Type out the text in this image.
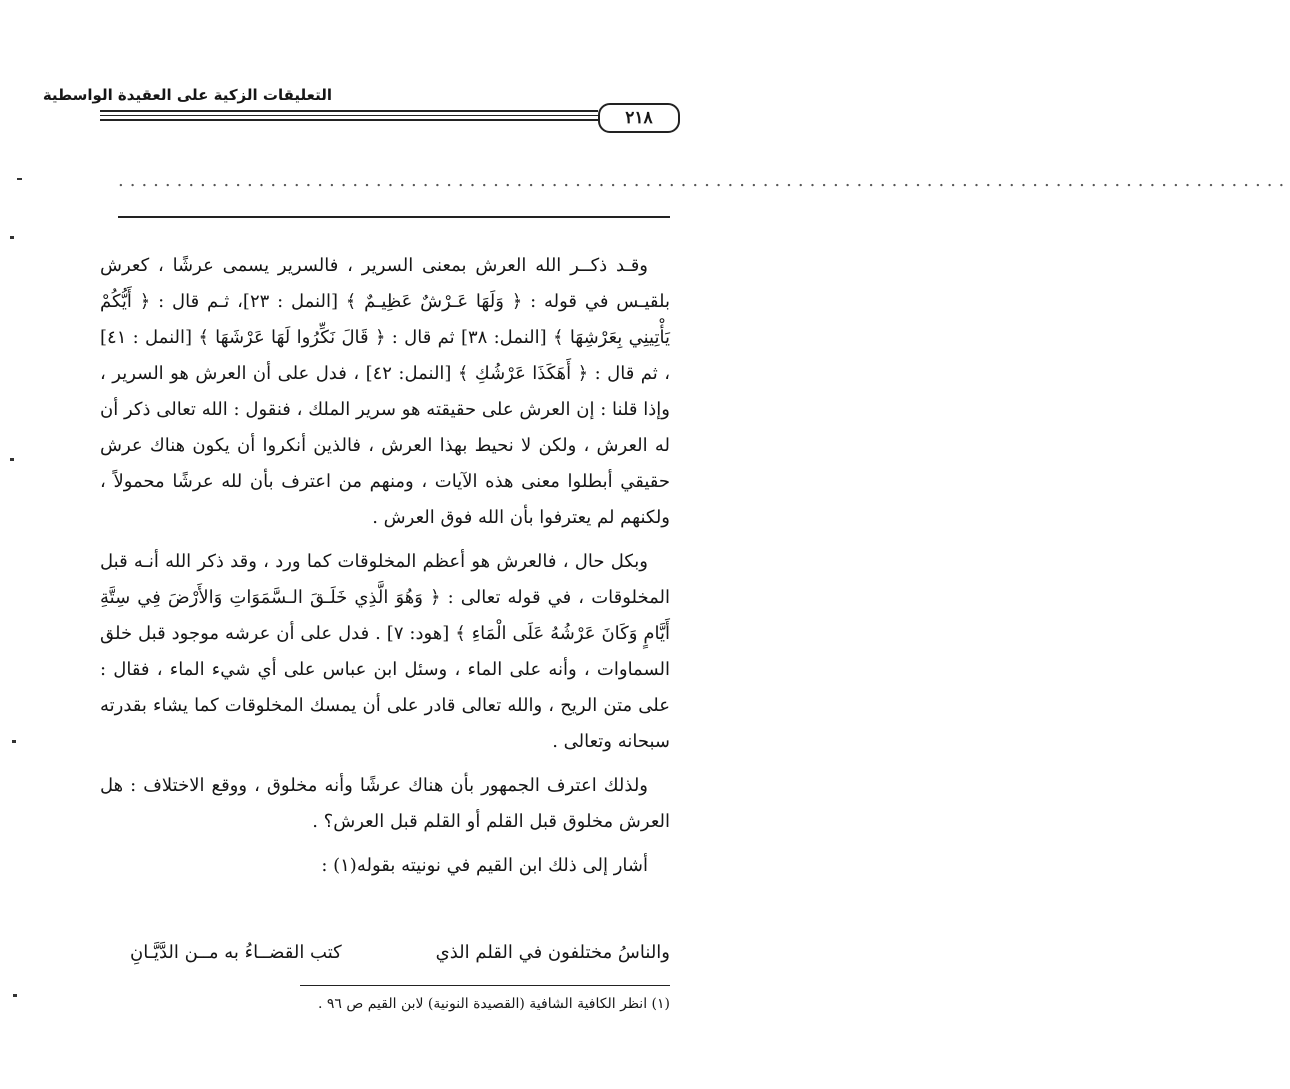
التعليقات الزكية على العقيدة الواسطية
٢١٨
....................................................................................................

وقـد ذكــر الله العرش بمعنى السرير ، فالسرير يسمى عرشًا ، كعرش بلقيـس في قوله : ﴿ وَلَهَا عَـرْشٌ عَظِيـمٌ ﴾ [النمل : ٢٣]، ثـم قال : ﴿ أَيُّكُمْ يَأْتِينِي بِعَرْشِهَا ﴾ [النمل: ٣٨] ثم قال : ﴿ قَالَ نَكِّرُوا لَهَا عَرْشَهَا ﴾ [النمل : ٤١] ، ثم قال : ﴿ أَهَكَذَا عَرْشُكِ ﴾ [النمل: ٤٢] ، فدل على أن العرش هو السرير ، وإذا قلنا : إن العرش على حقيقته هو سرير الملك ، فنقول : الله تعالى ذكر أن له العرش ، ولكن لا نحيط بهذا العرش ، فالذين أنكروا أن يكون هناك عرش حقيقي أبطلوا معنى هذه الآيات ، ومنهم من اعترف بأن لله عرشًا محمولاً ، ولكنهم لم يعترفوا بأن الله فوق العرش .

وبكل حال ، فالعرش هو أعظم المخلوقات كما ورد ، وقد ذكر الله أنـه قبل المخلوقات ، في قوله تعالى : ﴿ وَهُوَ الَّذِي خَلَـقَ الـسَّمَوَاتِ وَالأَرْضَ فِي سِتَّةِ أَيَّامٍ وَكَانَ عَرْشُهُ عَلَى الْمَاءِ ﴾ [هود: ٧] . فدل على أن عرشه موجود قبل خلق السماوات ، وأنه على الماء ، وسئل ابن عباس على أي شيء الماء ، فقال : على متن الريح ، والله تعالى قادر على أن يمسك المخلوقات كما يشاء بقدرته سبحانه وتعالى .

ولذلك اعترف الجمهور بأن هناك عرشًا وأنه مخلوق ، ووقع الاختلاف : هل العرش مخلوق قبل القلم أو القلم قبل العرش؟ .

أشار إلى ذلك ابن القيم في نونيته بقوله(١) :

والناسُ مختلفون في القلم الذي
كتب القضــاءُ به مــن الدَّيَّـانِ
(١) انظر الكافية الشافية (القصيدة النونية) لابن القيم ص ٩٦ .
